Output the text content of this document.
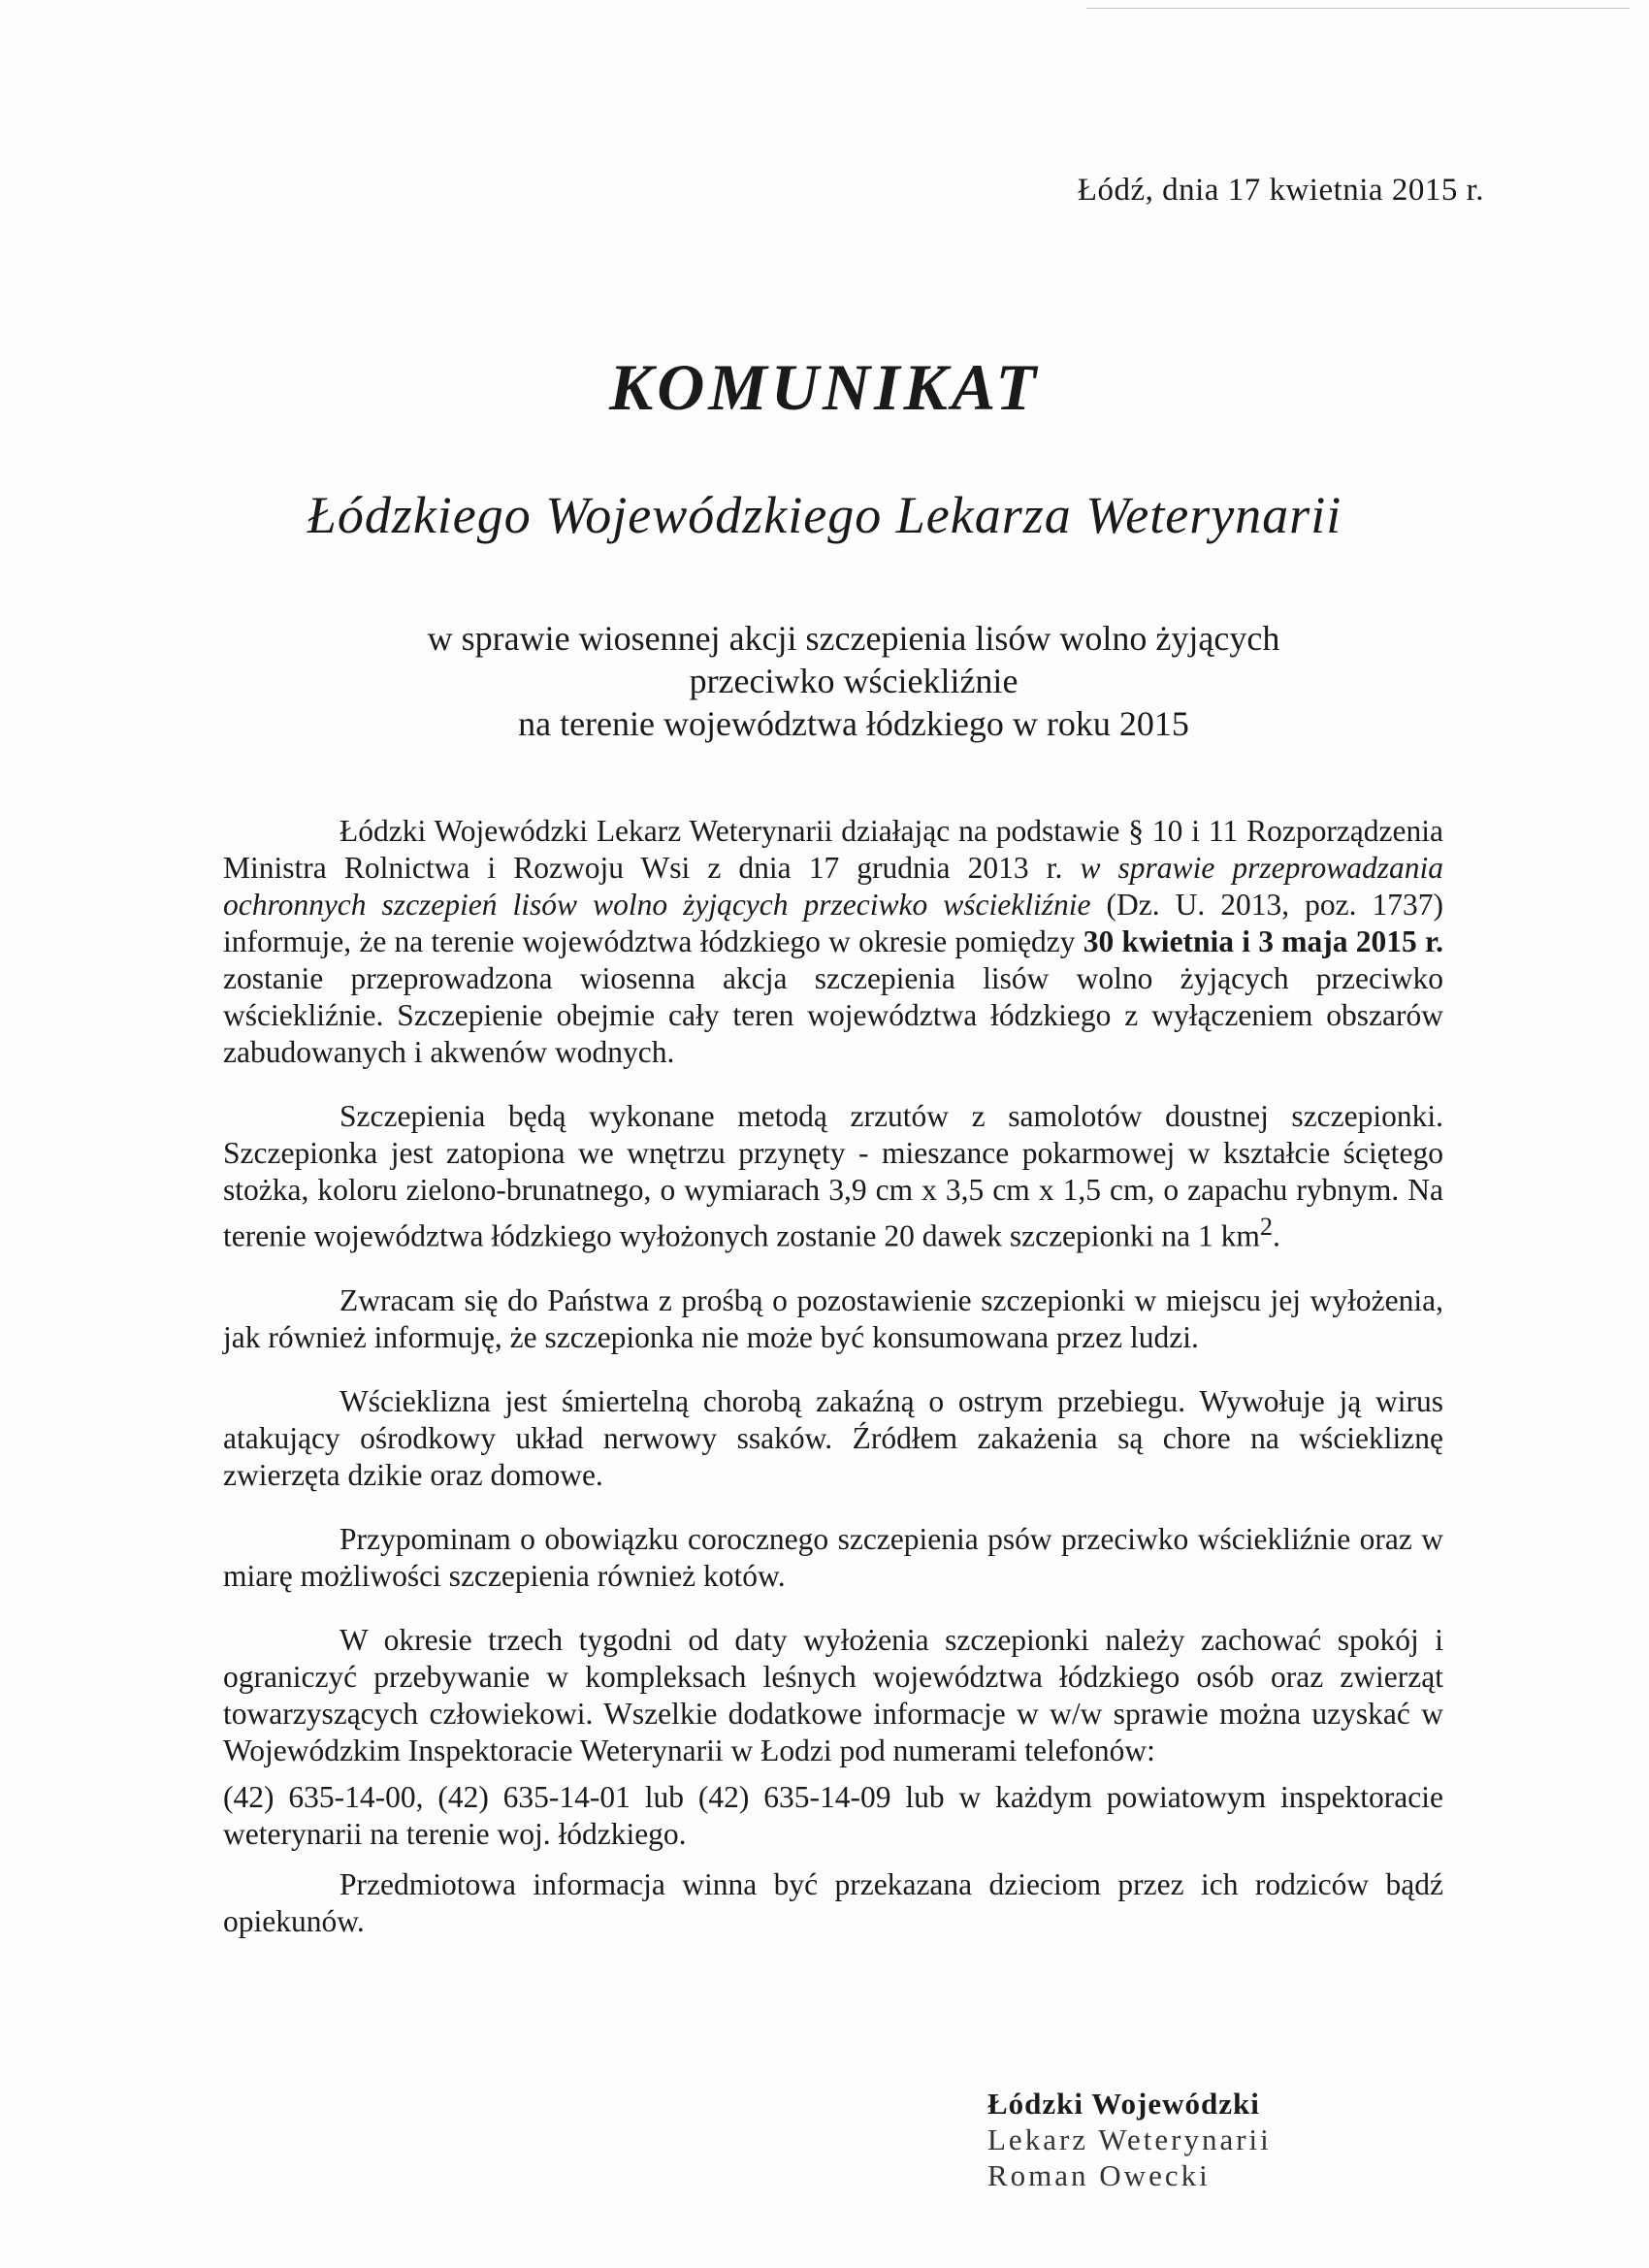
Łódź, dnia 17 kwietnia 2015 r.
KOMUNIKAT
Łódzkiego Wojewódzkiego Lekarza Weterynarii
w sprawie wiosennej akcji szczepienia lisów wolno żyjących
przeciwko wściekliźnie
na terenie województwa łódzkiego w roku 2015

Łódzki Wojewódzki Lekarz Weterynarii działając na podstawie § 10 i 11 Rozporządzenia Ministra Rolnictwa i Rozwoju Wsi z dnia 17 grudnia 2013 r. w sprawie przeprowadzania ochronnych szczepień lisów wolno żyjących przeciwko wściekliźnie (Dz. U. 2013, poz. 1737) informuje, że na terenie województwa łódzkiego w okresie pomiędzy 30 kwietnia i 3 maja 2015 r. zostanie przeprowadzona wiosenna akcja szczepienia lisów wolno żyjących przeciwko wściekliźnie. Szczepienie obejmie cały teren województwa łódzkiego z wyłączeniem obszarów zabudowanych i akwenów wodnych.

Szczepienia będą wykonane metodą zrzutów z samolotów doustnej szczepionki. Szczepionka jest zatopiona we wnętrzu przynęty - mieszance pokarmowej w kształcie ściętego stożka, koloru zielono-brunatnego, o wymiarach 3,9 cm x 3,5 cm x 1,5 cm, o zapachu rybnym. Na terenie województwa łódzkiego wyłożonych zostanie 20 dawek szczepionki na 1 $km^2$.

Zwracam się do Państwa z prośbą o pozostawienie szczepionki w miejscu jej wyłożenia, jak również informuję, że szczepionka nie może być konsumowana przez ludzi.

Wścieklizna jest śmiertelną chorobą zakaźną o ostrym przebiegu. Wywołuje ją wirus atakujący ośrodkowy układ nerwowy ssaków. Źródłem zakażenia są chore na wściekliznę zwierzęta dzikie oraz domowe.

Przypominam o obowiązku corocznego szczepienia psów przeciwko wściekliźnie oraz w miarę możliwości szczepienia również kotów.

W okresie trzech tygodni od daty wyłożenia szczepionki należy zachować spokój i ograniczyć przebywanie w kompleksach leśnych województwa łódzkiego osób oraz zwierząt towarzyszących człowiekowi. Wszelkie dodatkowe informacje w w/w sprawie można uzyskać w Wojewódzkim Inspektoracie Weterynarii w Łodzi pod numerami telefonów:

(42) 635-14-00, (42) 635-14-01 lub (42) 635-14-09 lub w każdym powiatowym inspektoracie weterynarii na terenie woj. łódzkiego.

Przedmiotowa informacja winna być przekazana dzieciom przez ich rodziców bądź opiekunów.

Łódzki Wojewódzki
Lekarz Weterynarii
Roman Owecki
